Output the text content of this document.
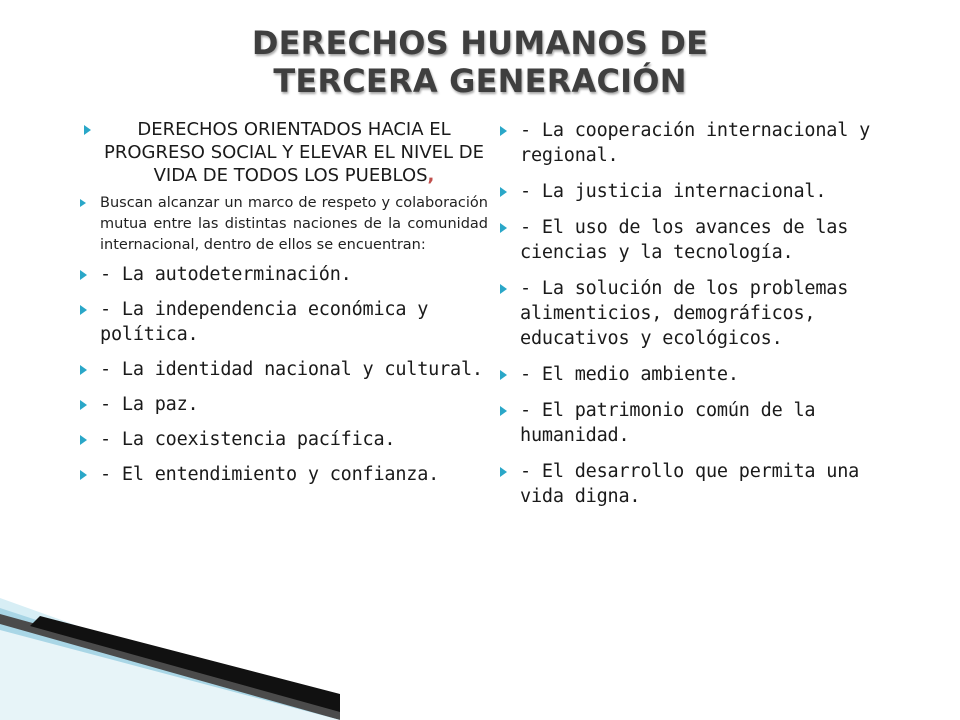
DERECHOS HUMANOS DE
TERCERA GENERACIÓN
DERECHOS ORIENTADOS HACIA EL PROGRESO SOCIAL Y ELEVAR EL NIVEL DE VIDA DE TODOS LOS PUEBLOS,
Buscan alcanzar un marco de respeto y colaboración mutua entre las distintas naciones de la comunidad internacional, dentro de ellos se encuentran:
- La autodeterminación.
- La independencia económica y política.
- La identidad nacional y cultural.
- La paz.
- La coexistencia pacífica.
- El entendimiento y confianza.
- La cooperación internacional y regional.
- La justicia internacional.
- El uso de los avances de las ciencias y la tecnología.
- La solución de los problemas alimenticios, demográficos, educativos y ecológicos.
- El medio ambiente.
- El patrimonio común de la humanidad.
- El desarrollo que permita una vida digna.
